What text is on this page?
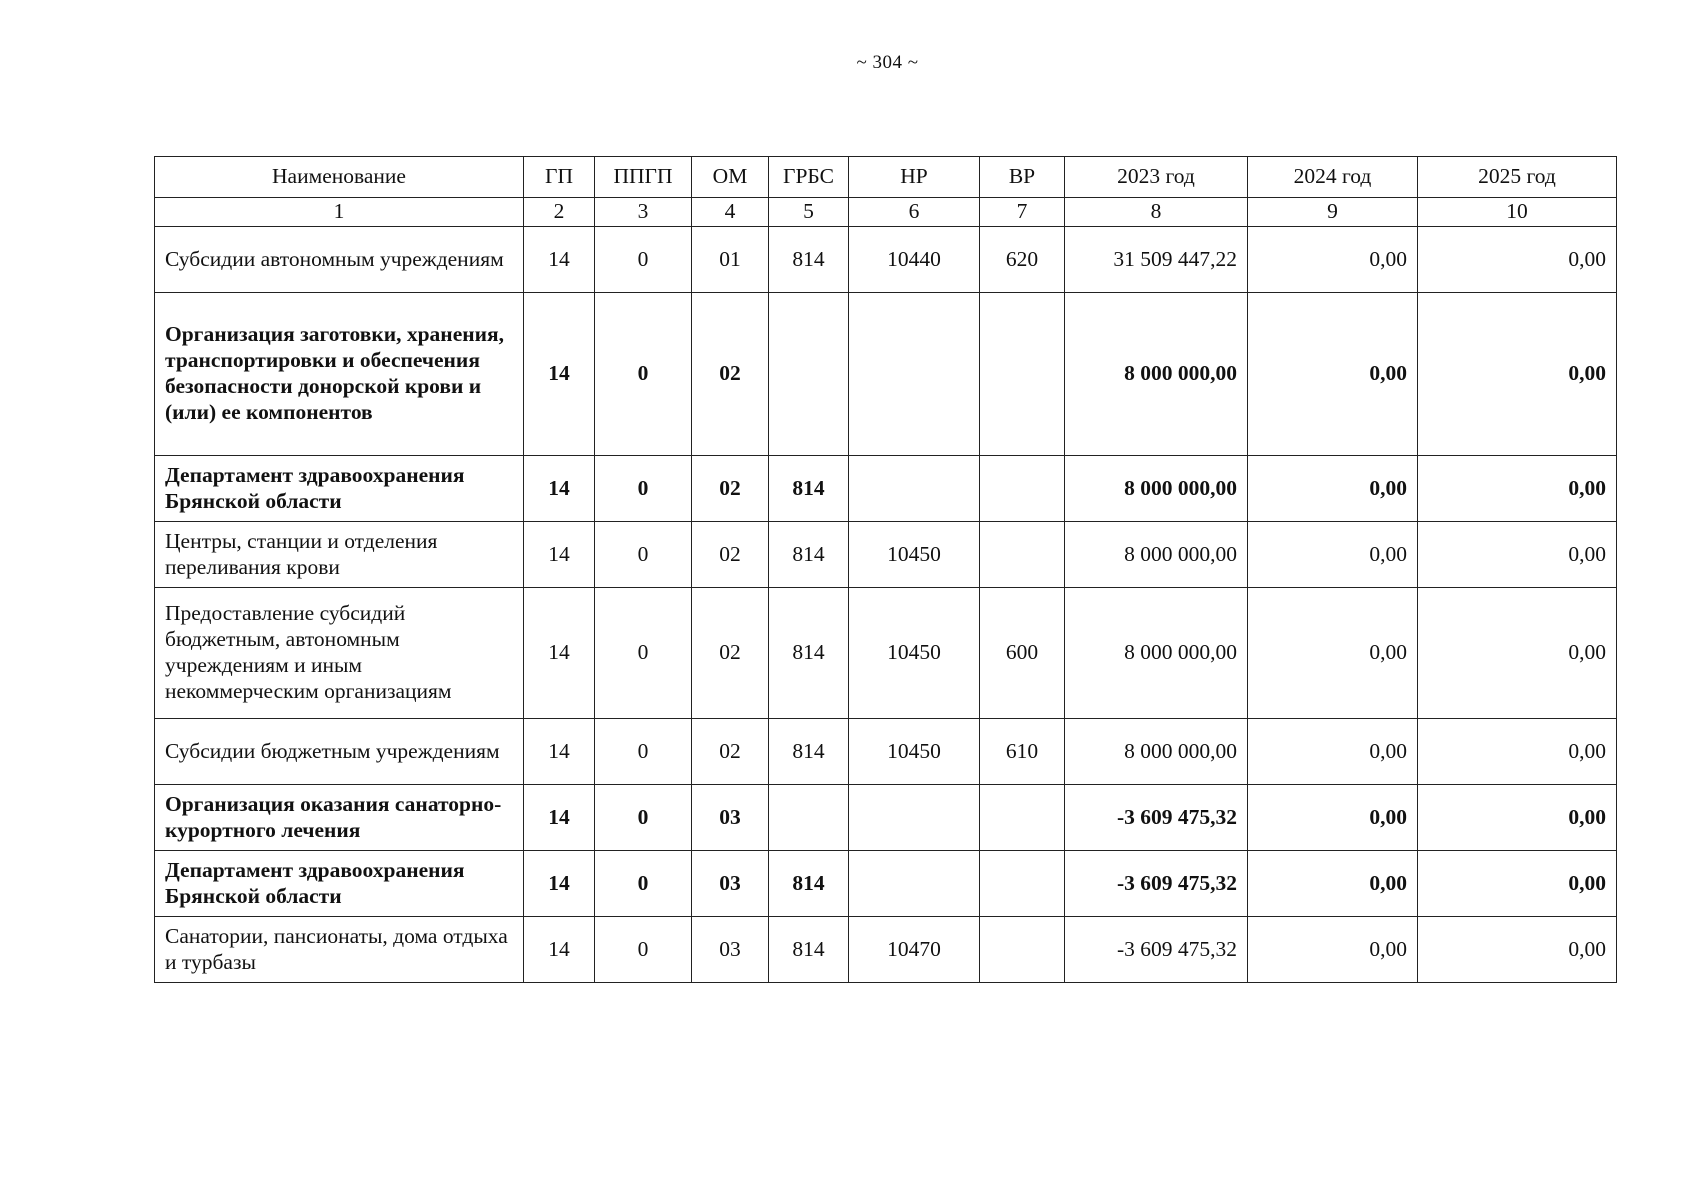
~ 304 ~
Наименование	ГП	ППГП	ОМ	ГРБС	НР	ВР	2023 год	2024 год	2025 год
1	2	3	4	5	6	7	8	9	10
Субсидии автономным учреждениям	14	0	01	814	10440	620	31 509 447,22	0,00	0,00
Организация заготовки, хранения, транспортировки и обеспечения безопасности донорской крови и (или) ее компонентов	14	0	02				8 000 000,00	0,00	0,00
Департамент здравоохранения Брянской области	14	0	02	814			8 000 000,00	0,00	0,00
Центры, станции и отделения переливания крови	14	0	02	814	10450		8 000 000,00	0,00	0,00
Предоставление субсидий бюджетным, автономным учреждениям и иным некоммерческим организациям	14	0	02	814	10450	600	8 000 000,00	0,00	0,00
Субсидии бюджетным учреждениям	14	0	02	814	10450	610	8 000 000,00	0,00	0,00
Организация оказания санаторно-курортного лечения	14	0	03				-3 609 475,32	0,00	0,00
Департамент здравоохранения Брянской области	14	0	03	814			-3 609 475,32	0,00	0,00
Санатории, пансионаты, дома отдыха и турбазы	14	0	03	814	10470		-3 609 475,32	0,00	0,00
